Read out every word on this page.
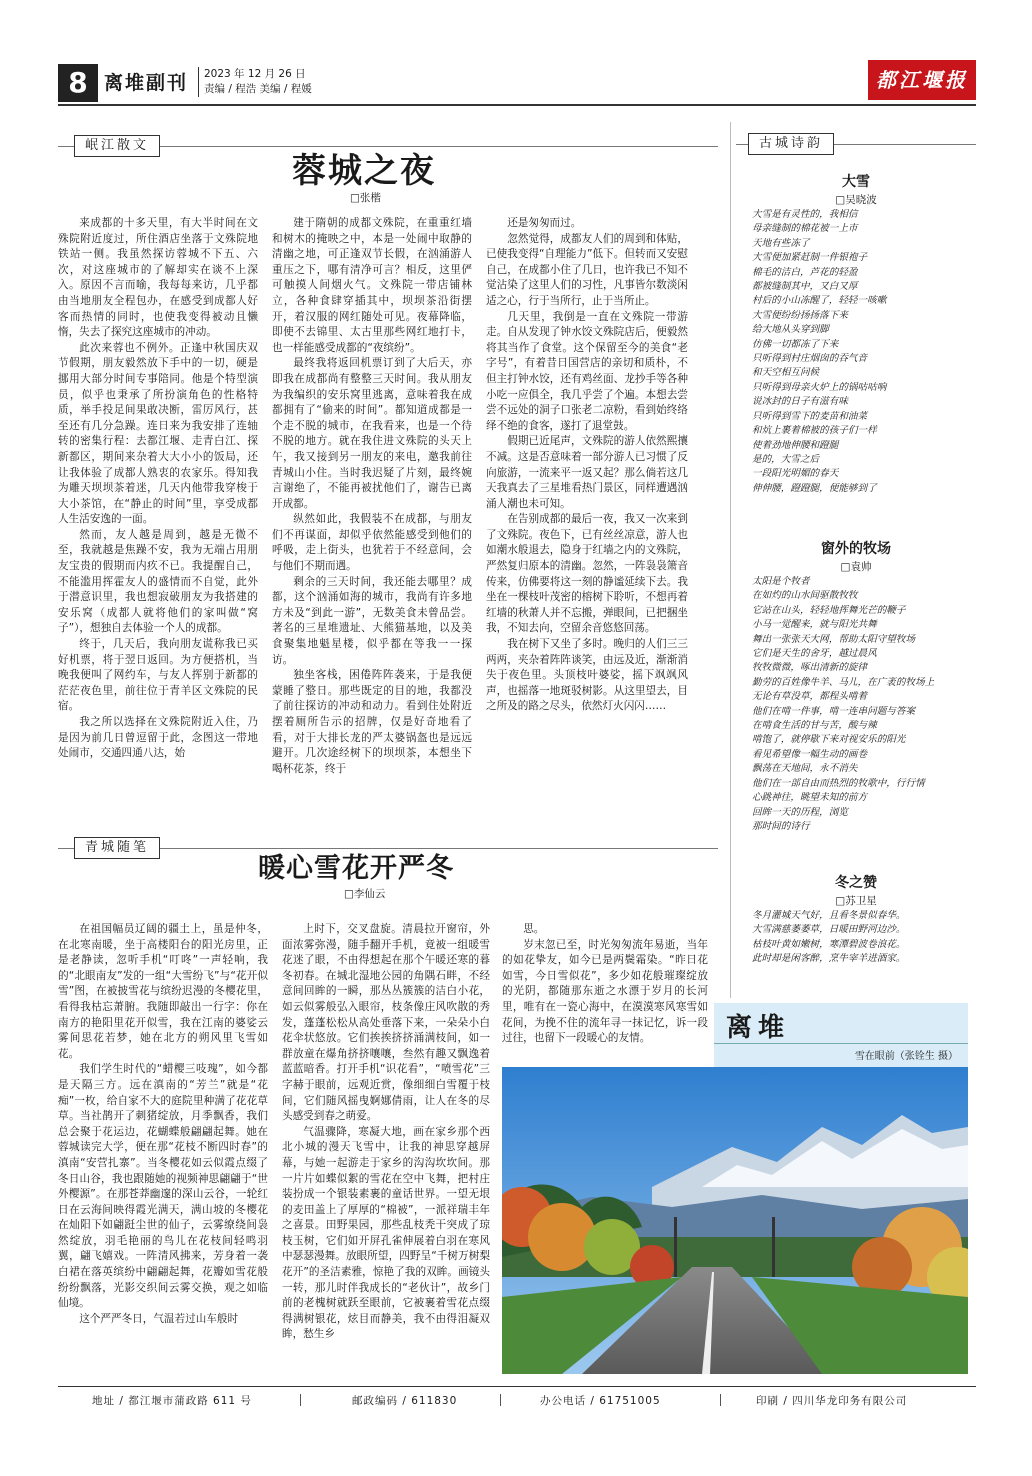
8 离堆副刊 2023 年 12 月 26 日
责编 / 程浩 美编 / 程媛	都江堰报
岷江散文
蓉城之夜
□张楷

来成都的十多天里，有大半时间在文殊院附近度过，所住酒店坐落于文殊院地铁站一侧。我虽然探访蓉城不下五、六次，对这座城市的了解却实在谈不上深入。原因不言而喻，我每每来访，几乎都由当地朋友全程包办，在感受到成都人好客而热情的同时，也使我变得被动且懒惰，失去了探究这座城市的冲动。

此次来蓉也不例外。正逢中秋国庆双节假期，朋友毅然放下手中的一切，硬是挪用大部分时间专事陪同。他是个特型演员，似乎也秉承了所扮演角色的性格特质，举手投足间果敢决断，雷厉风行，甚至还有几分急躁。连日来为我安排了连轴转的密集行程：去都江堰、走青白江、探新都区，期间来杂着大大小小的饭局，还让我体验了成都人熟衷的农家乐。得知我为雕天坝坝茶着迷，几天内他带我穿梭于大小茶馆，在“静止的时间”里，享受成都人生活安逸的一面。

然而，友人越是周到，越是无微不至，我就越是焦躁不安，我为无端占用朋友宝贵的假期而内疚不已。我提醒自己，不能滥用挥霍友人的盛情而不自觉，此外于潜意识里，我也想寂破朋友为我搭建的安乐窝（成都人就将他们的家叫做“窝子”），想独自去体验一个人的成都。

终于，几天后，我向朋友谎称我已买好机票，将于翌日返回。为方便搭机，当晚我便叫了网约车，与友人挥别于新都的茫茫夜色里，前往位于青羊区文殊院的民宿。

我之所以选择在文殊院附近入住，乃是因为前几日曾逗留于此，念图这一带地处闹市，交通四通八达，始

建于隋朝的成都文殊院，在重重红墙和树木的掩映之中，本是一处闹中取静的清幽之地，可正逢双节长假，在汹涌游人重压之下，哪有清净可言？相反，这里俨可触摸人间烟火气。文殊院一带店铺林立，各种食肆穿插其中，坝坝茶沿街摆开，着汉服的网红随处可见。夜幕降临，即使不去锦里、太古里那些网红地打卡，也一样能感受成都的“夜缤纷”。

最终我将返回机票订到了大后天，亦即我在成都尚有整整三天时间。我从朋友为我编织的安乐窝里逃离，意味着我在成都拥有了“偷来的时间”。都知道成都是一个走不脱的城市，在我看来，也是一个待不脱的地方。就在我住进文殊院的头天上午，我又接到另一朋友的来电，邀我前往青城山小住。当时我迟疑了片刻，最终婉言谢绝了，不能再被扰他们了，谢告已离开成都。

纵然如此，我假装不在成都，与朋友们不再谋面，却似乎依然能感受到他们的呼吸，走上街头，也犹若于不经意间，会与他们不期而遇。

剩余的三天时间，我还能去哪里？成都，这个汹涌如海的城市，我尚有许多地方未及“到此一游”，无数美食未曾品尝。著名的三星堆遗址、大熊猫基地，以及美食聚集地魁星楼，似乎都在等我一一探访。

独坐客栈，困倦阵阵袭来，于是我便蒙睡了整日。那些既定的目的地，我都没了前往探访的冲动和动力。看到住处附近摆着厕所告示的招牌，仅是好奇地看了看，对于大排长龙的严太婆锅盔也是远远避开。几次途经树下的坝坝茶，本想坐下喝杯花茶，终于

还是匆匆而过。

忽然觉得，成都友人们的周到和体贴，已使我变得“自理能力”低下。但转而又安慰自己，在成都小住了几日，也许我已不知不觉沾染了这里人们的习性，凡事皆尔数淡闲适之心，行于当所行，止于当所止。

几天里，我倒是一直在文殊院一带游走。自从发现了钟水饺文殊院店后，便毅然将其当作了食堂。这个保留至今的美食“老字号”，有着昔日国营店的亲切和质朴，不但主打钟水饺，还有鸡丝面、龙抄手等各种小吃一应俱全，我几乎尝了个遍。本想去尝尝不远处的洞子口张老二凉粉，看到始终络绎不绝的食客，遂打了退堂鼓。

假期已近尾声，文殊院的游人依然熙攘不减。这是否意味着一部分游人已习惯了反向旅游，一流来平一返又起？那么倘若这几天我真去了三星堆看热门景区，同样遭遇汹涌人潮也未可知。

在告别成都的最后一夜，我又一次来到了文殊院。夜色下，已有丝丝凉意，游人也如潮水般退去，隐身于红墙之内的文殊院，严然复归原本的清幽。忽然，一阵袅袅箫音传来，仿佛要将这一刻的静谧延续下去。我坐在一棵枝叶茂密的榕树下聆听，不想再着红墙的秋萧人并不忘搬，弹眼间，已把捆坐我，不知去向，空留余音悠悠回荡。

我在树下又坐了多时。晚归的人们三三两两，夹杂着阵阵谈笑，由远及近，渐渐消失于夜色里。头顶枝叶婆娑，摇下飒飒风声，也摇落一地斑驳树影。从这里望去，目之所及的路之尽头，依然灯火闪闪……

青城随笔
暖心雪花开严冬
□李仙云

在祖国幅员辽阔的疆土上，虽是仲冬，在北寒南暖，坐于高楼阳台的阳光房里，正是老静读，忽听手机“叮咚”一声轻响，我的“北眼南友”发的一组“大雪纷飞”与“花开似雪”图，在被披雪花与缤纷迟漫的冬樱花里，看得我枯忘萧腑。我随即敲出一行字：你在南方的艳阳里花开似雪，我在江南的婆娑云雾间思花若梦，她在北方的朔风里飞雪如花。

我们学生时代的“蜡樱三吱瑰”，如今都是天隔三方。远在滇南的“芳兰”就是“花痴”一枚，给自家不大的庭院里种满了花花草草。当社鹊开了刺猪绽放，月季飘香，我们总会聚于花运边，花蝴蝶般翩翩起舞。她在蓉城读完大学，便在那“花枝不断四时春”的滇南“安营扎寨”。当冬樱花如云似霞点缀了冬日山谷，我也跟随她的视频神思翩翩于“世外樱源”。在那苍莽幽邃的深山云谷，一轮红日在云海间映得霞光满天，满山坡的冬樱花在灿阳下如翩跹尘世的仙子，云雾缭绕间袅然绽放，羽毛艳丽的鸟儿在花枝间轻鸣羽翼，翩飞嬉戏。一阵清风拂来，芳身着一袭白裙在落英缤纷中翩翩起舞，花瓣如雪花般纷纷飘落，光影交织间云雾交换，观之如临仙境。

这个严严冬日，气温若过山车般时

上时下，交叉盘旋。清晨拉开窗帘，外面浓雾弥漫，随手翻开手机，竟被一组暖雪花迷了眼，不由得想起在那个午暖还寒的暮冬初春。在城北湿地公园的角隅石畔，不经意间回眸的一瞬，那丛丛簇簇的洁白小花，如云似雾般弘入眼帘，枝条像庄风吹散的秀发，蓬蓬松松从高处垂落下来，一朵朵小白花伞状悠放。它们挨挨挤挤涌满枝间，如一群放童在爆角挤挤嚷嚷，叁然有趣又飘逸着蓝蓝暗香。打开手机“识花看”，“喷雪花”三字赫于眼前，远观近赏，像细细白雪覆于枝间，它们随风摇曳婀娜倩雨，让人在冬的尽头感受到春之萌爱。

气温骤降，寒凝大地，画在家乡那个西北小城的漫天飞雪中，让我的神思穿越屏幕，与她一起游走于家乡的沟沟坎坎间。那一片片如蝶似絮的雪花在空中飞舞，把村庄装扮成一个银装素裹的童话世界。一望无垠的麦田盖上了厚厚的“棉被”，一派祥瑞丰年之喜景。田野果园，那些乱枝秃干突成了琼枝玉树，它们如开屏孔雀伸展着白羽在寒风中瑟瑟漫舞。放眼所望，四野呈“千树万树梨花开”的圣洁素雅，惊艳了我的双眸。画镜头一转，那儿时伴我成长的“老伙计”，故乡门前的老槐树就跃至眼前，它被裹着雪花点缀得满树银花，炫目而静美，我不由得泪凝双眸，愁生乡

思。

岁末忽已至，时光匆匆流年易逝，当年的如花挚友，如今已是两鬓霜染。“昨日花如雪，今日雪似花”，多少如花般璀璨绽放的光阴，都随那东逝之水漂于岁月的长河里，唯有在一瓷心海中，在漠漠寒风寒雪如花间，为挽不住的流年寻一抹记忆，诉一段过往，也留下一段暖心的友情。

古城诗韵
大雪
□吴晓波
大雪是有灵性的，我相信
母亲缝制的棉花被一上市
天地有些冻了
大雪便加紧赶制一件银袍子
棉毛的洁白，芦花的轻盈
都被缝制其中，又白又厚
村后的小山冻醒了，轻轻一咳嗽
大雪便纷纷扬扬落下来
给大地从头穿到脚
仿佛一切都冻了下来
只听得到村庄烟囱的吞气音
和天空相互问候
只听得到母亲火炉上的锅咕咕响
说冰封的日子有滋有味
只听得到雪下的麦苗和油菜
和炕上裹着棉被的孩子们一样
使着劲地伸腰和蹬腿
是的，大雪之后
一段阳光明媚的春天
伸伸腰，蹬蹬腿，便能够到了
窗外的牧场
□袁帅
太阳是个牧者
在如灼的山水间驱散牧牧
它站在山头，轻轻地挥舞光芒的鞭子
小马一觉醒来，就与阳光共舞
舞出一张张天大网，帮助太阳守望牧场
它们是天生的舍牙，越过晨风
牧牧微微，啄出清新的旋律
勤劳的百姓像牛羊、马儿，在广袤的牧场上
无论有草没草，都程头啃着
他们在啃一件事，啃一连串问题与答案
在啃食生活的甘与苦，酸与辣
啃饱了，就停歇下来对视安乐的阳光
看见希望像一幅生动的画卷
飘荡在天地间，永不消失
他们在一部自由而热烈的牧歌中，行行情
心跳神往，眺望未知的前方
回眸一天的历程，浏览
那时间的诗行
冬之赞
□苏卫星
冬月灌城天气好，且看冬景似春华。
大雪满慈萎萎草，日暖田野河边沙。
枯枝叶黄如嫩树，寒潭碧波卷浪花。
此时却是闲客醉，烹牛宰羊进酒家。
离堆
雪在眼前（张铨生 摄）
地址 / 都江堰市蒲政路 611 号	邮政编码 / 611830	办公电话 / 61751005	印刷 / 四川华龙印务有限公司
